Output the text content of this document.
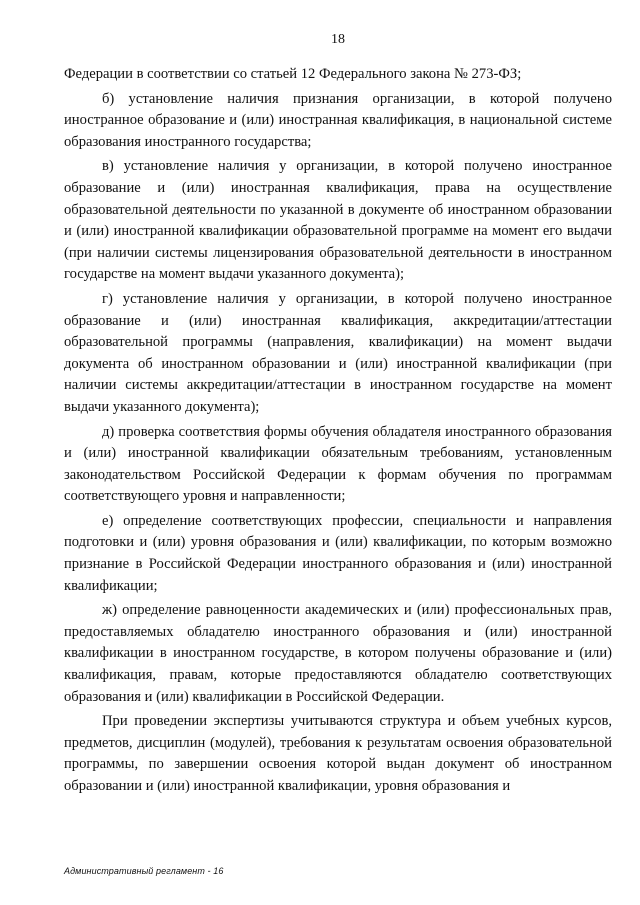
18

Федерации в соответствии со статьей 12 Федерального закона № 273-ФЗ;

б) установление наличия признания организации, в которой получено иностранное образование и (или) иностранная квалификация, в национальной системе образования иностранного государства;

в) установление наличия у организации, в которой получено иностранное образование и (или) иностранная квалификация, права на осуществление образовательной деятельности по указанной в документе об иностранном образовании и (или) иностранной квалификации образовательной программе на момент его выдачи (при наличии системы лицензирования образовательной деятельности в иностранном государстве на момент выдачи указанного документа);

г) установление наличия у организации, в которой получено иностранное образование и (или) иностранная квалификация, аккредитации/аттестации образовательной программы (направления, квалификации) на момент выдачи документа об иностранном образовании и (или) иностранной квалификации (при наличии системы аккредитации/аттестации в иностранном государстве на момент выдачи указанного документа);

д) проверка соответствия формы обучения обладателя иностранного образования и (или) иностранной квалификации обязательным требованиям, установленным законодательством Российской Федерации к формам обучения по программам соответствующего уровня и направленности;

е) определение соответствующих профессии, специальности и направления подготовки и (или) уровня образования и (или) квалификации, по которым возможно признание в Российской Федерации иностранного образования и (или) иностранной квалификации;

ж) определение равноценности академических и (или) профессиональных прав, предоставляемых обладателю иностранного образования и (или) иностранной квалификации в иностранном государстве, в котором получены образование и (или) квалификация, правам, которые предоставляются обладателю соответствующих образования и (или) квалификации в Российской Федерации.

При проведении экспертизы учитываются структура и объем учебных курсов, предметов, дисциплин (модулей), требования к результатам освоения образовательной программы, по завершении освоения которой выдан документ об иностранном образовании и (или) иностранной квалификации, уровня образования и

Административный регламент - 16
